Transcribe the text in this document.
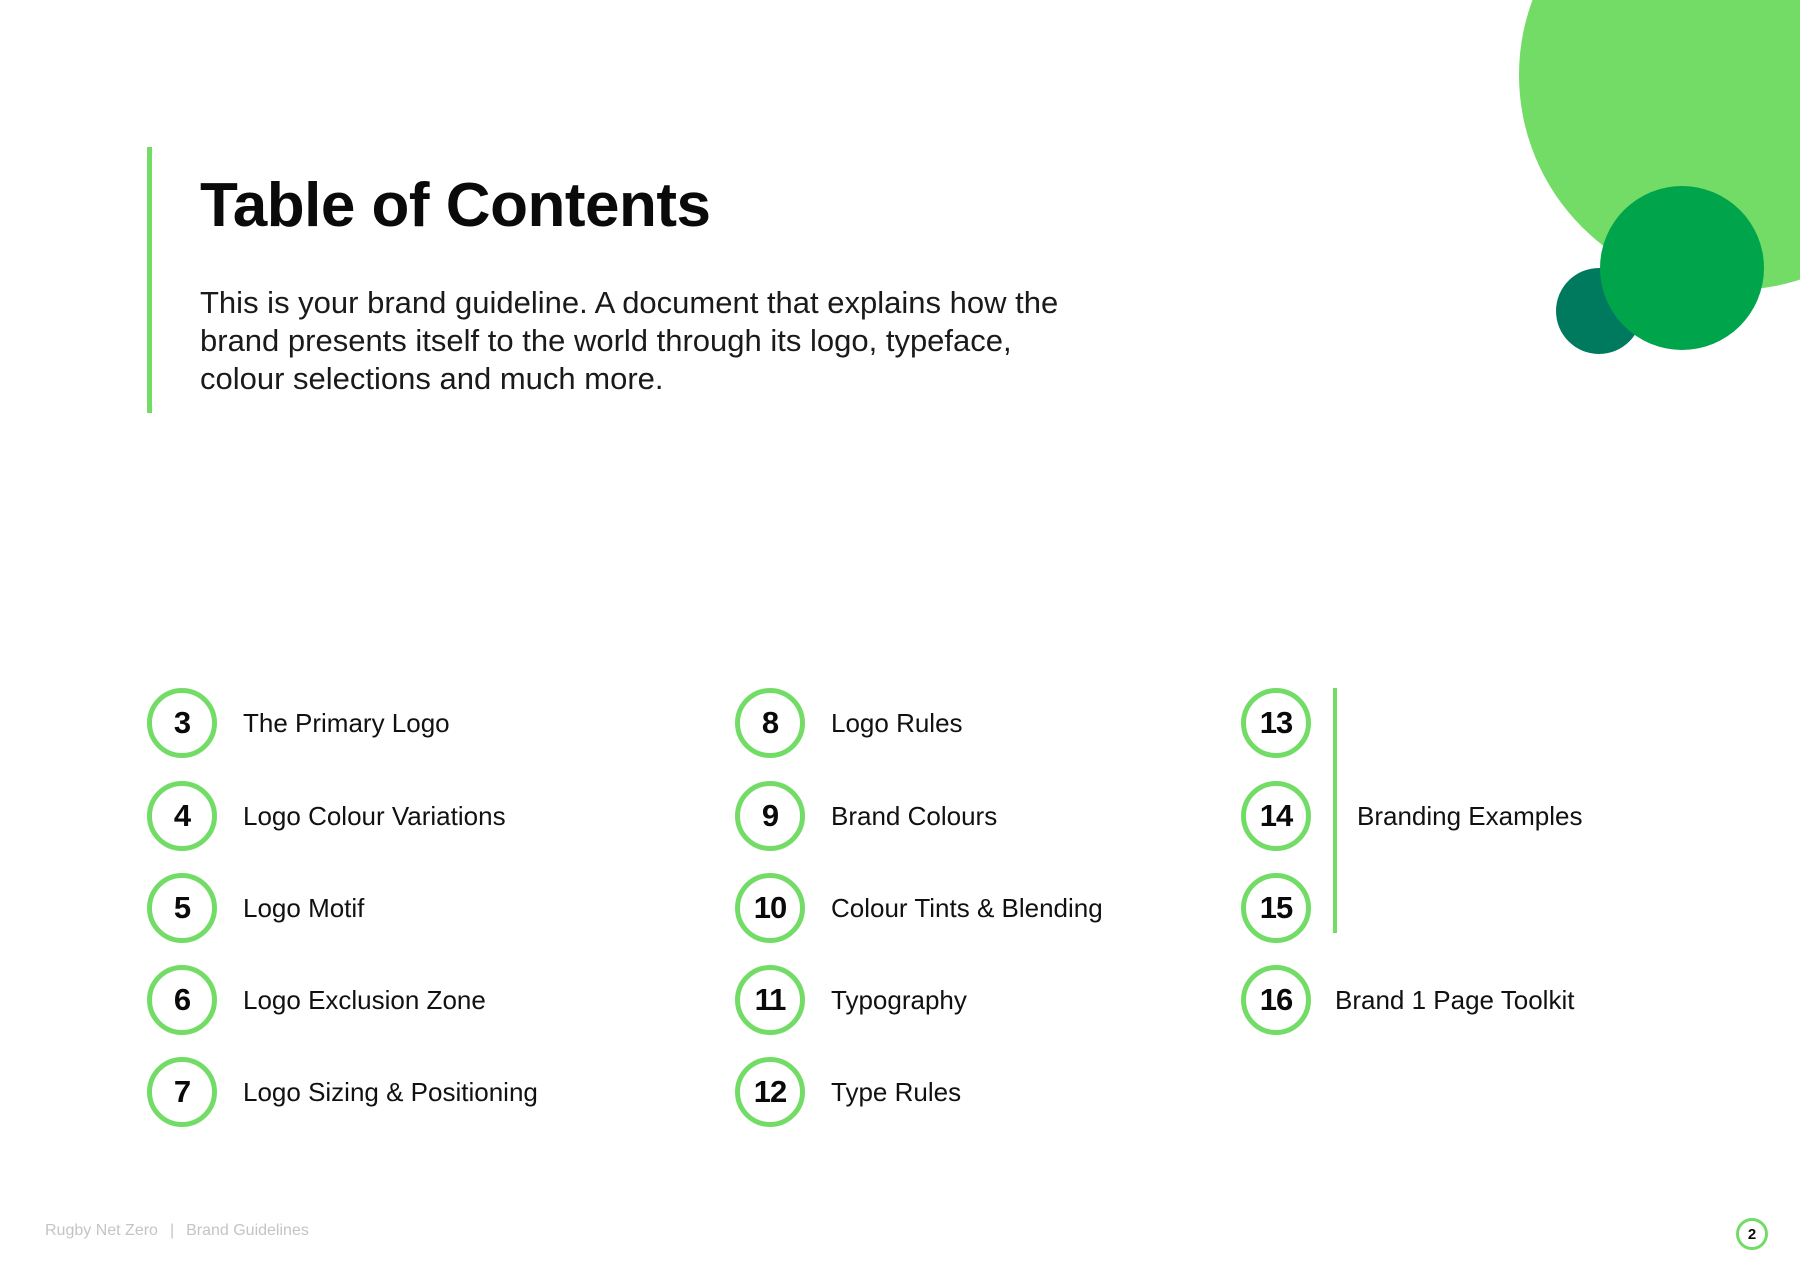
Table of Contents

This is your brand guideline. A document that explains how the brand presents itself to the world through its logo, typeface, colour selections and much more.

3 The Primary Logo
4 Logo Colour Variations
5 Logo Motif
6 Logo Exclusion Zone
7 Logo Sizing & Positioning
8 Logo Rules
9 Brand Colours
10 Colour Tints & Blending
11 Typography
12 Type Rules
13
14
15
Branding Examples
16 Brand 1 Page Toolkit
Rugby Net Zero | Brand Guidelines	2
